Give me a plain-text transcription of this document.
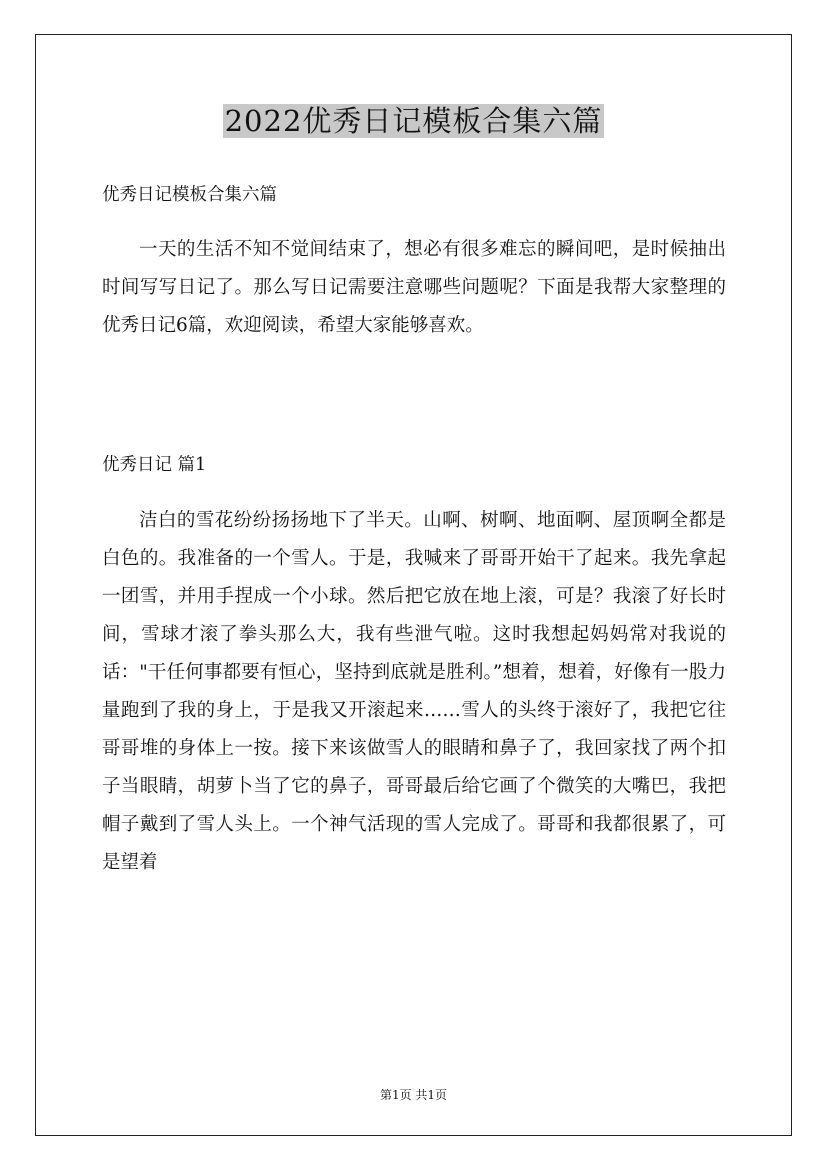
2022优秀日记模板合集六篇
优秀日记模板合集六篇

一天的生活不知不觉间结束了，想必有很多难忘的瞬间吧，是时候抽出时间写写日记了。那么写日记需要注意哪些问题呢？下面是我帮大家整理的优秀日记6篇，欢迎阅读，希望大家能够喜欢。

优秀日记 篇1

洁白的雪花纷纷扬扬地下了半天。山啊、树啊、地面啊、屋顶啊全都是白色的。我准备的一个雪人。于是，我喊来了哥哥开始干了起来。我先拿起一团雪，并用手捏成一个小球。然后把它放在地上滚，可是？我滚了好长时间，雪球才滚了拳头那么大，我有些泄气啦。这时我想起妈妈常对我说的话："干任何事都要有恒心，坚持到底就是胜利。”想着，想着，好像有一股力量跑到了我的身上，于是我又开滚起来……雪人的头终于滚好了，我把它往哥哥堆的身体上一按。接下来该做雪人的眼睛和鼻子了，我回家找了两个扣子当眼睛，胡萝卜当了它的鼻子，哥哥最后给它画了个微笑的大嘴巴，我把帽子戴到了雪人头上。一个神气活现的雪人完成了。哥哥和我都很累了，可是望着

第1页 共1页
